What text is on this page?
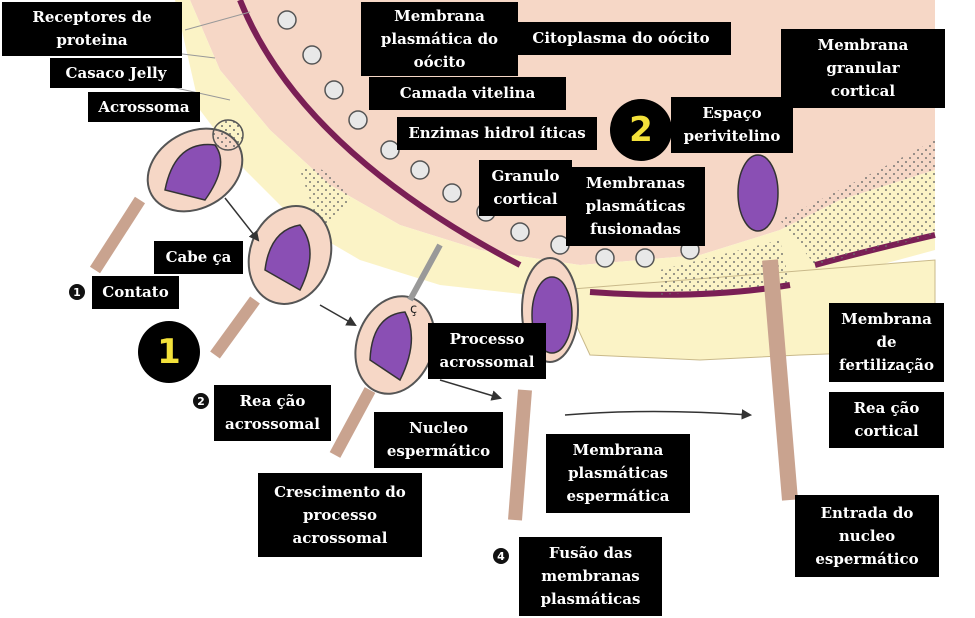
Receptores de
proteina
Casaco Jelly
Acrossoma
Membrana
plasmática do
oócito
Citoplasma do oócito
Camada vitelina
Enzimas hidrol íticas	2	Espaço
perivitelino
Membrana
granular
cortical
Granulo
cortical
Membranas
plasmáticas
fusionadas
Cabe ça
1	Contato
1
2	Rea ção
acrossomal
ç
Processo
acrossomal
Nucleo
espermático	Membrana
plasmáticas
espermática
Crescimento do
processo
acrossomal
4	Fusão das
membranas
plasmáticas
Membrana
de
fertilização
Rea ção
cortical
Entrada do
nucleo
espermático
